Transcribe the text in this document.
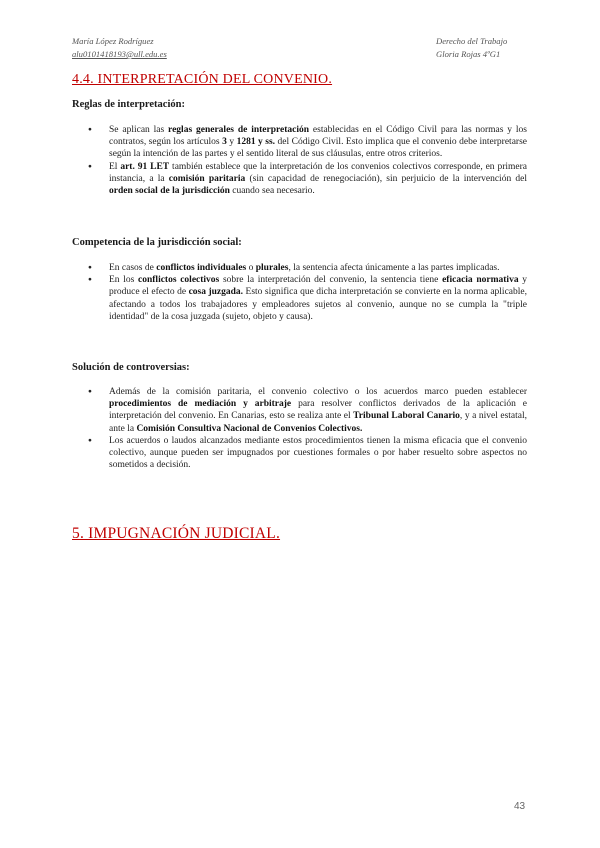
María López Rodríguez
alu0101418193@ull.edu.es
Derecho del Trabajo
Gloria Rojas 4ºG1
4.4. INTERPRETACIÓN DEL CONVENIO.

Reglas de interpretación:

● Se aplican las reglas generales de interpretación establecidas en el Código Civil para las normas y los contratos, según los artículos 3 y 1281 y ss. del Código Civil. Esto implica que el convenio debe interpretarse según la intención de las partes y el sentido literal de sus cláusulas, entre otros criterios.
● El art. 91 LET también establece que la interpretación de los convenios colectivos corresponde, en primera instancia, a la comisión paritaria (sin capacidad de renegociación), sin perjuicio de la intervención del orden social de la jurisdicción cuando sea necesario.

Competencia de la jurisdicción social:

● En casos de conflictos individuales o plurales, la sentencia afecta únicamente a las partes implicadas.
● En los conflictos colectivos sobre la interpretación del convenio, la sentencia tiene eficacia normativa y produce el efecto de cosa juzgada. Esto significa que dicha interpretación se convierte en la norma aplicable, afectando a todos los trabajadores y empleadores sujetos al convenio, aunque no se cumpla la "triple identidad" de la cosa juzgada (sujeto, objeto y causa).

Solución de controversias:

● Además de la comisión paritaria, el convenio colectivo o los acuerdos marco pueden establecer procedimientos de mediación y arbitraje para resolver conflictos derivados de la aplicación e interpretación del convenio. En Canarias, esto se realiza ante el Tribunal Laboral Canario, y a nivel estatal, ante la Comisión Consultiva Nacional de Convenios Colectivos.
● Los acuerdos o laudos alcanzados mediante estos procedimientos tienen la misma eficacia que el convenio colectivo, aunque pueden ser impugnados por cuestiones formales o por haber resuelto sobre aspectos no sometidos a decisión.
5. IMPUGNACIÓN JUDICIAL.
43
